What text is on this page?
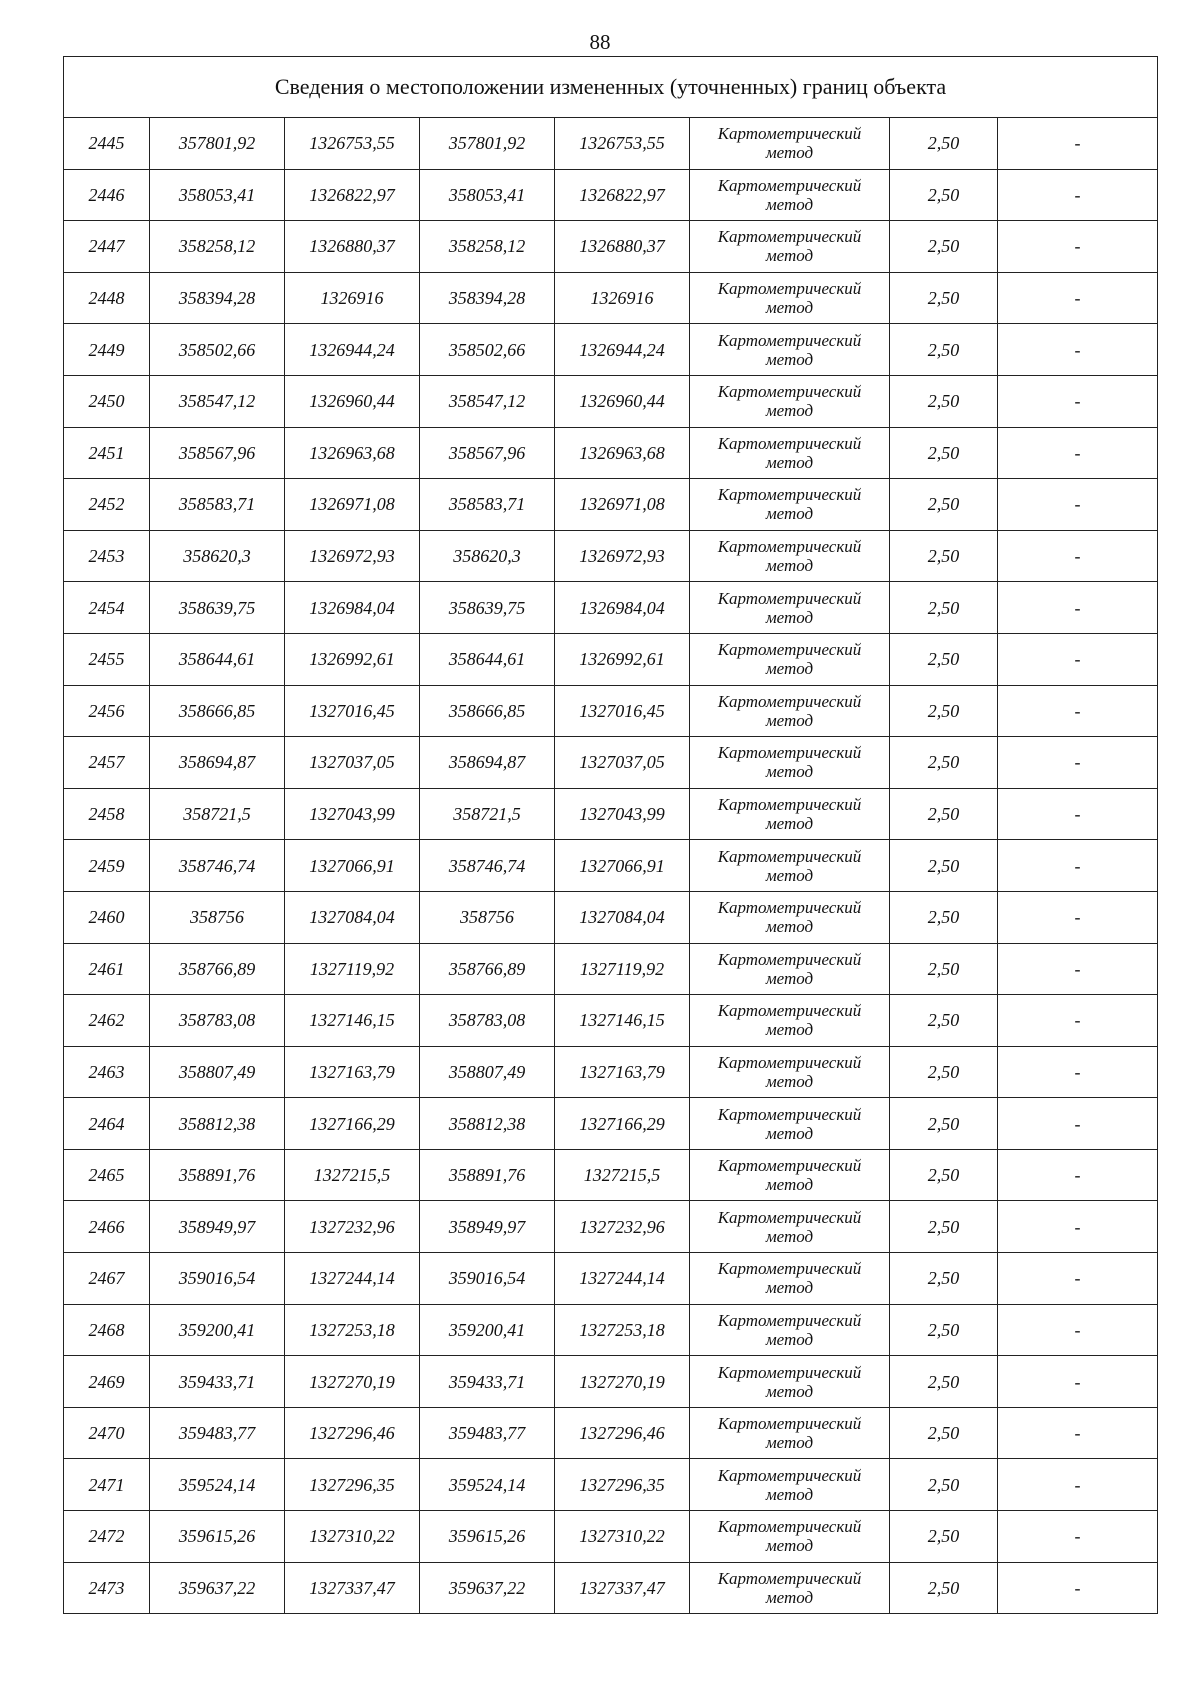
88
Сведения о местоположении измененных (уточненных) границ объекта							
2445	357801,92	1326753,55	357801,92	1326753,55	Картометрический метод	2,50	-
2446	358053,41	1326822,97	358053,41	1326822,97	Картометрический метод	2,50	-
2447	358258,12	1326880,37	358258,12	1326880,37	Картометрический метод	2,50	-
2448	358394,28	1326916	358394,28	1326916	Картометрический метод	2,50	-
2449	358502,66	1326944,24	358502,66	1326944,24	Картометрический метод	2,50	-
2450	358547,12	1326960,44	358547,12	1326960,44	Картометрический метод	2,50	-
2451	358567,96	1326963,68	358567,96	1326963,68	Картометрический метод	2,50	-
2452	358583,71	1326971,08	358583,71	1326971,08	Картометрический метод	2,50	-
2453	358620,3	1326972,93	358620,3	1326972,93	Картометрический метод	2,50	-
2454	358639,75	1326984,04	358639,75	1326984,04	Картометрический метод	2,50	-
2455	358644,61	1326992,61	358644,61	1326992,61	Картометрический метод	2,50	-
2456	358666,85	1327016,45	358666,85	1327016,45	Картометрический метод	2,50	-
2457	358694,87	1327037,05	358694,87	1327037,05	Картометрический метод	2,50	-
2458	358721,5	1327043,99	358721,5	1327043,99	Картометрический метод	2,50	-
2459	358746,74	1327066,91	358746,74	1327066,91	Картометрический метод	2,50	-
2460	358756	1327084,04	358756	1327084,04	Картометрический метод	2,50	-
2461	358766,89	1327119,92	358766,89	1327119,92	Картометрический метод	2,50	-
2462	358783,08	1327146,15	358783,08	1327146,15	Картометрический метод	2,50	-
2463	358807,49	1327163,79	358807,49	1327163,79	Картометрический метод	2,50	-
2464	358812,38	1327166,29	358812,38	1327166,29	Картометрический метод	2,50	-
2465	358891,76	1327215,5	358891,76	1327215,5	Картометрический метод	2,50	-
2466	358949,97	1327232,96	358949,97	1327232,96	Картометрический метод	2,50	-
2467	359016,54	1327244,14	359016,54	1327244,14	Картометрический метод	2,50	-
2468	359200,41	1327253,18	359200,41	1327253,18	Картометрический метод	2,50	-
2469	359433,71	1327270,19	359433,71	1327270,19	Картометрический метод	2,50	-
2470	359483,77	1327296,46	359483,77	1327296,46	Картометрический метод	2,50	-
2471	359524,14	1327296,35	359524,14	1327296,35	Картометрический метод	2,50	-
2472	359615,26	1327310,22	359615,26	1327310,22	Картометрический метод	2,50	-
2473	359637,22	1327337,47	359637,22	1327337,47	Картометрический метод	2,50	-
